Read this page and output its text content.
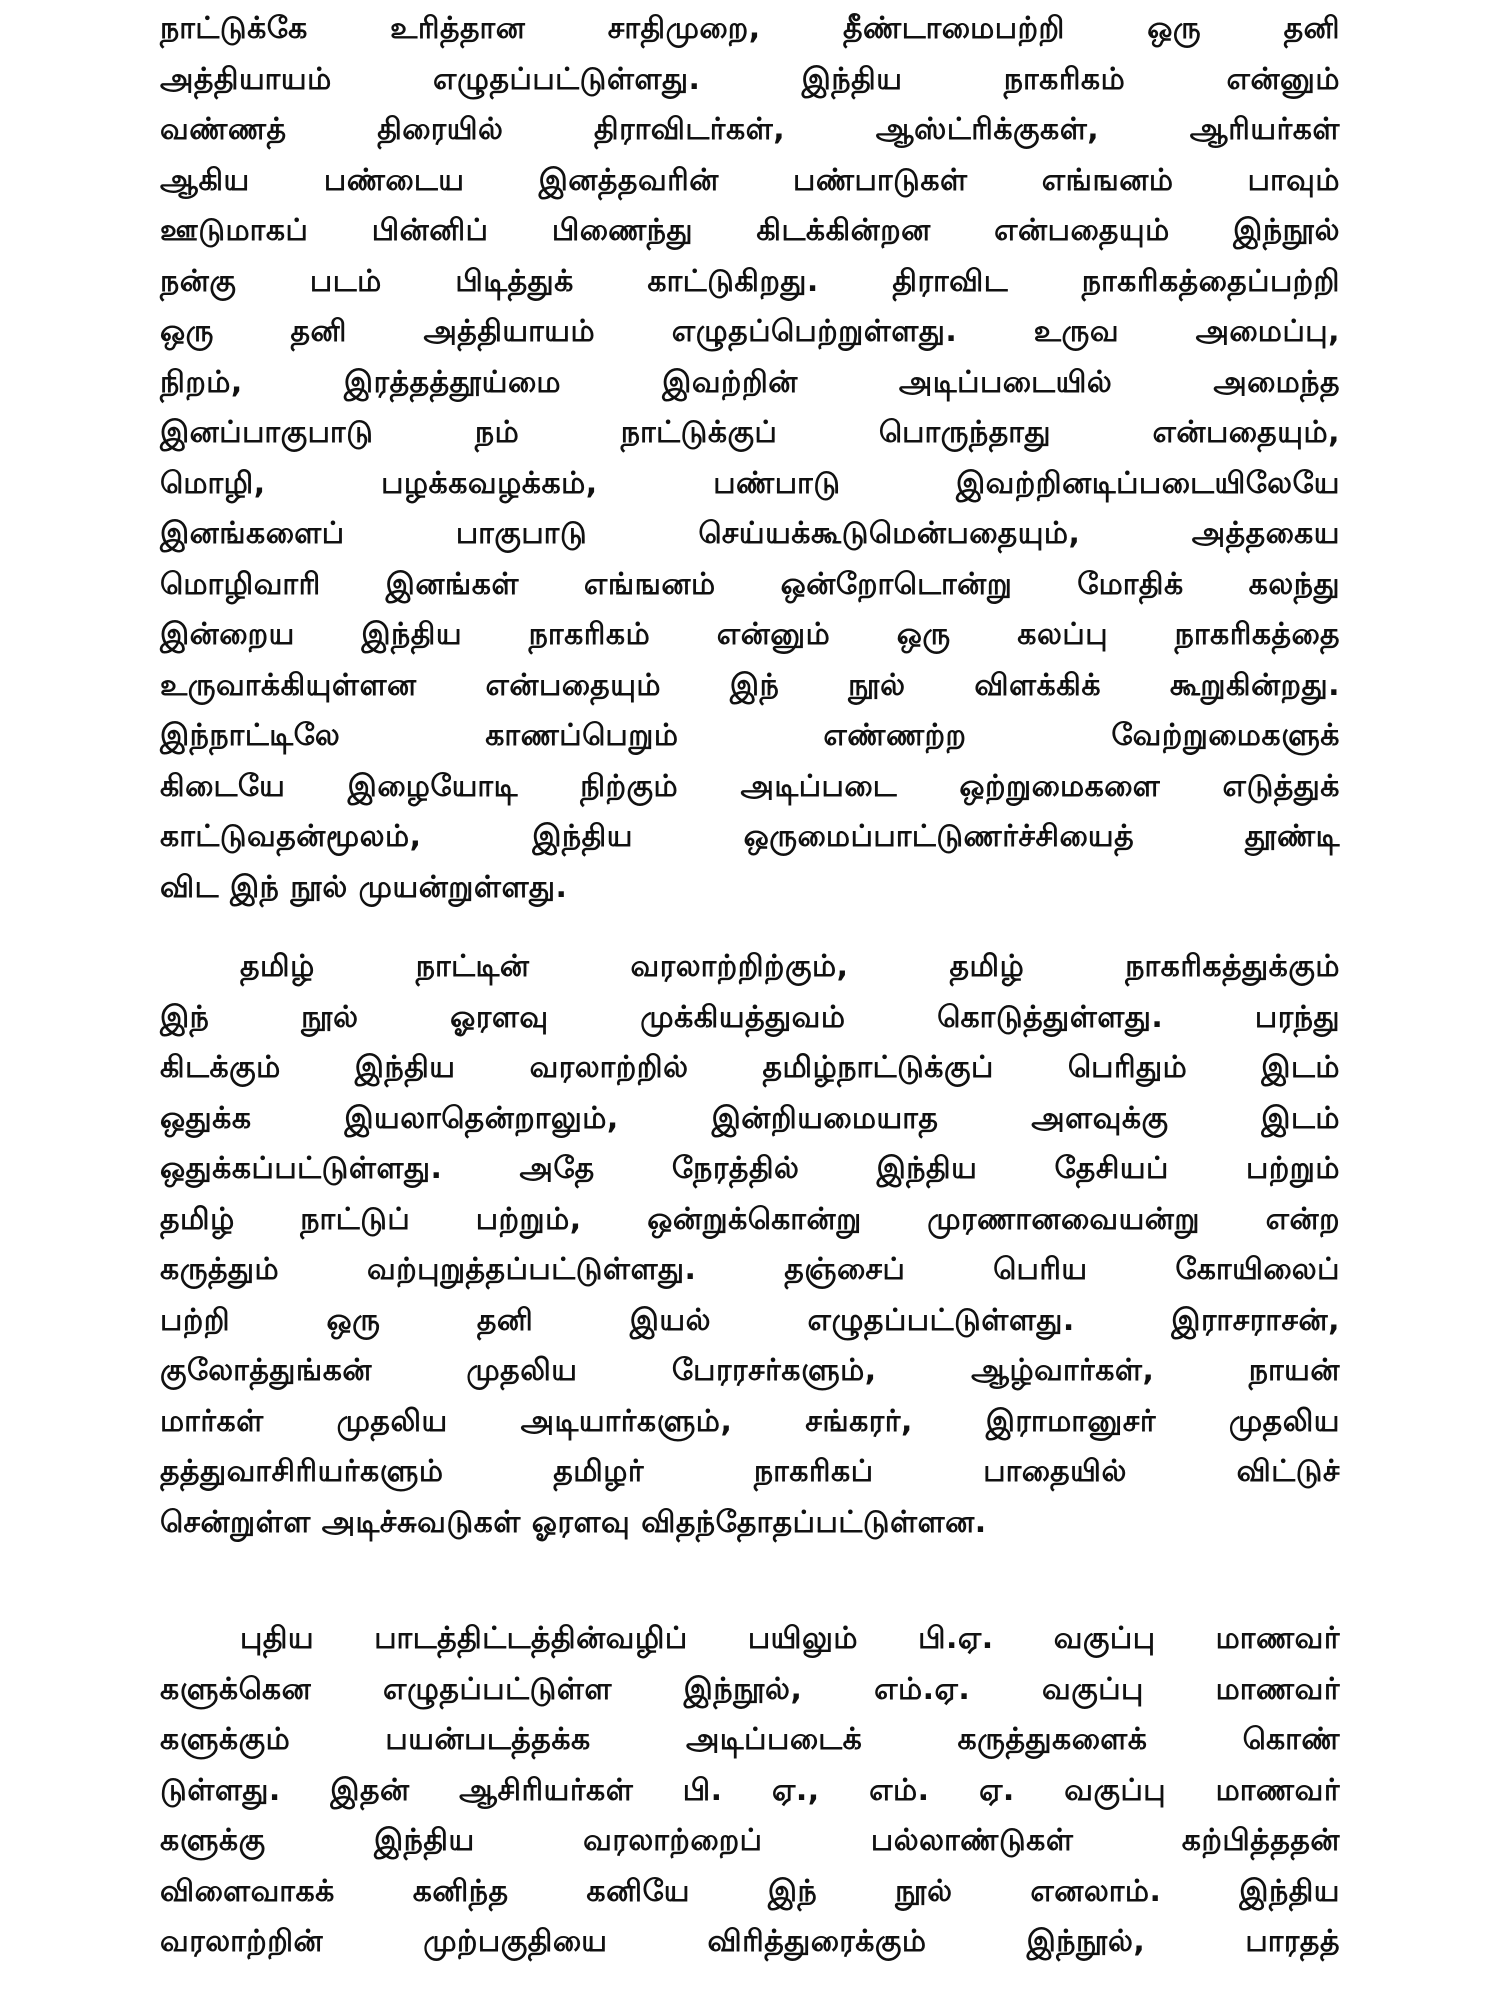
நாட்டுக்கே உரித்தான சாதிமுறை, தீண்டாமைபற்றி ஒரு தனி
அத்தியாயம் எழுதப்பட்டுள்ளது. இந்திய நாகரிகம் என்னும்
வண்ணத் திரையில் திராவிடர்கள், ஆஸ்ட்ரிக்குகள், ஆரியர்கள்
ஆகிய பண்டைய இனத்தவரின் பண்பாடுகள் எங்ஙனம் பாவும்
ஊடுமாகப் பின்னிப் பிணைந்து கிடக்கின்றன என்பதையும் இந்நூல்
நன்கு படம் பிடித்துக் காட்டுகிறது. திராவிட நாகரிகத்தைப்பற்றி
ஒரு தனி அத்தியாயம் எழுதப்பெற்றுள்ளது. உருவ அமைப்பு,
நிறம், இரத்தத்தூய்மை இவற்றின் அடிப்படையில் அமைந்த
இனப்பாகுபாடு நம் நாட்டுக்குப் பொருந்தாது என்பதையும்,
மொழி, பழக்கவழக்கம், பண்பாடு இவற்றினடிப்படையிலேயே
இனங்களைப் பாகுபாடு செய்யக்கூடுமென்பதையும், அத்தகைய
மொழிவாரி இனங்கள் எங்ஙனம் ஒன்றோடொன்று மோதிக் கலந்து
இன்றைய இந்திய நாகரிகம் என்னும் ஒரு கலப்பு நாகரிகத்தை
உருவாக்கியுள்ளன என்பதையும் இந் நூல் விளக்கிக் கூறுகின்றது.
இந்நாட்டிலே காணப்பெறும் எண்ணற்ற வேற்றுமைகளுக்
கிடையே இழையோடி நிற்கும் அடிப்படை ஒற்றுமைகளை எடுத்துக்
காட்டுவதன்மூலம், இந்திய ஒருமைப்பாட்டுணர்ச்சியைத் தூண்டி
விட இந் நூல் முயன்றுள்ளது.
தமிழ் நாட்டின் வரலாற்றிற்கும், தமிழ் நாகரிகத்துக்கும்
இந் நூல் ஓரளவு முக்கியத்துவம் கொடுத்துள்ளது. பரந்து
கிடக்கும் இந்திய வரலாற்றில் தமிழ்நாட்டுக்குப் பெரிதும் இடம்
ஒதுக்க இயலாதென்றாலும், இன்றியமையாத அளவுக்கு இடம்
ஒதுக்கப்பட்டுள்ளது. அதே நேரத்தில் இந்திய தேசியப் பற்றும்
தமிழ் நாட்டுப் பற்றும், ஒன்றுக்கொன்று முரணானவையன்று என்ற
கருத்தும் வற்புறுத்தப்பட்டுள்ளது. தஞ்சைப் பெரிய கோயிலைப்
பற்றி ஒரு தனி இயல் எழுதப்பட்டுள்ளது. இராசராசன்,
குலோத்துங்கன் முதலிய பேரரசர்களும், ஆழ்வார்கள், நாயன்
மார்கள் முதலிய அடியார்களும், சங்கரர், இராமானுசர் முதலிய
தத்துவாசிரியர்களும் தமிழர் நாகரிகப் பாதையில் விட்டுச்
சென்றுள்ள அடிச்சுவடுகள் ஓரளவு விதந்தோதப்பட்டுள்ளன.
புதிய பாடத்திட்டத்தின்வழிப் பயிலும் பி.ஏ. வகுப்பு மாணவர்
களுக்கென எழுதப்பட்டுள்ள இந்நூல், எம்.ஏ. வகுப்பு மாணவர்
களுக்கும் பயன்படத்தக்க அடிப்படைக் கருத்துகளைக் கொண்
டுள்ளது. இதன் ஆசிரியர்கள் பி. ஏ., எம். ஏ. வகுப்பு மாணவர்
களுக்கு இந்திய வரலாற்றைப் பல்லாண்டுகள் கற்பித்ததன்
விளைவாகக் கனிந்த கனியே இந் நூல் எனலாம். இந்திய
வரலாற்றின் முற்பகுதியை விரித்துரைக்கும் இந்நூல், பாரதத்
